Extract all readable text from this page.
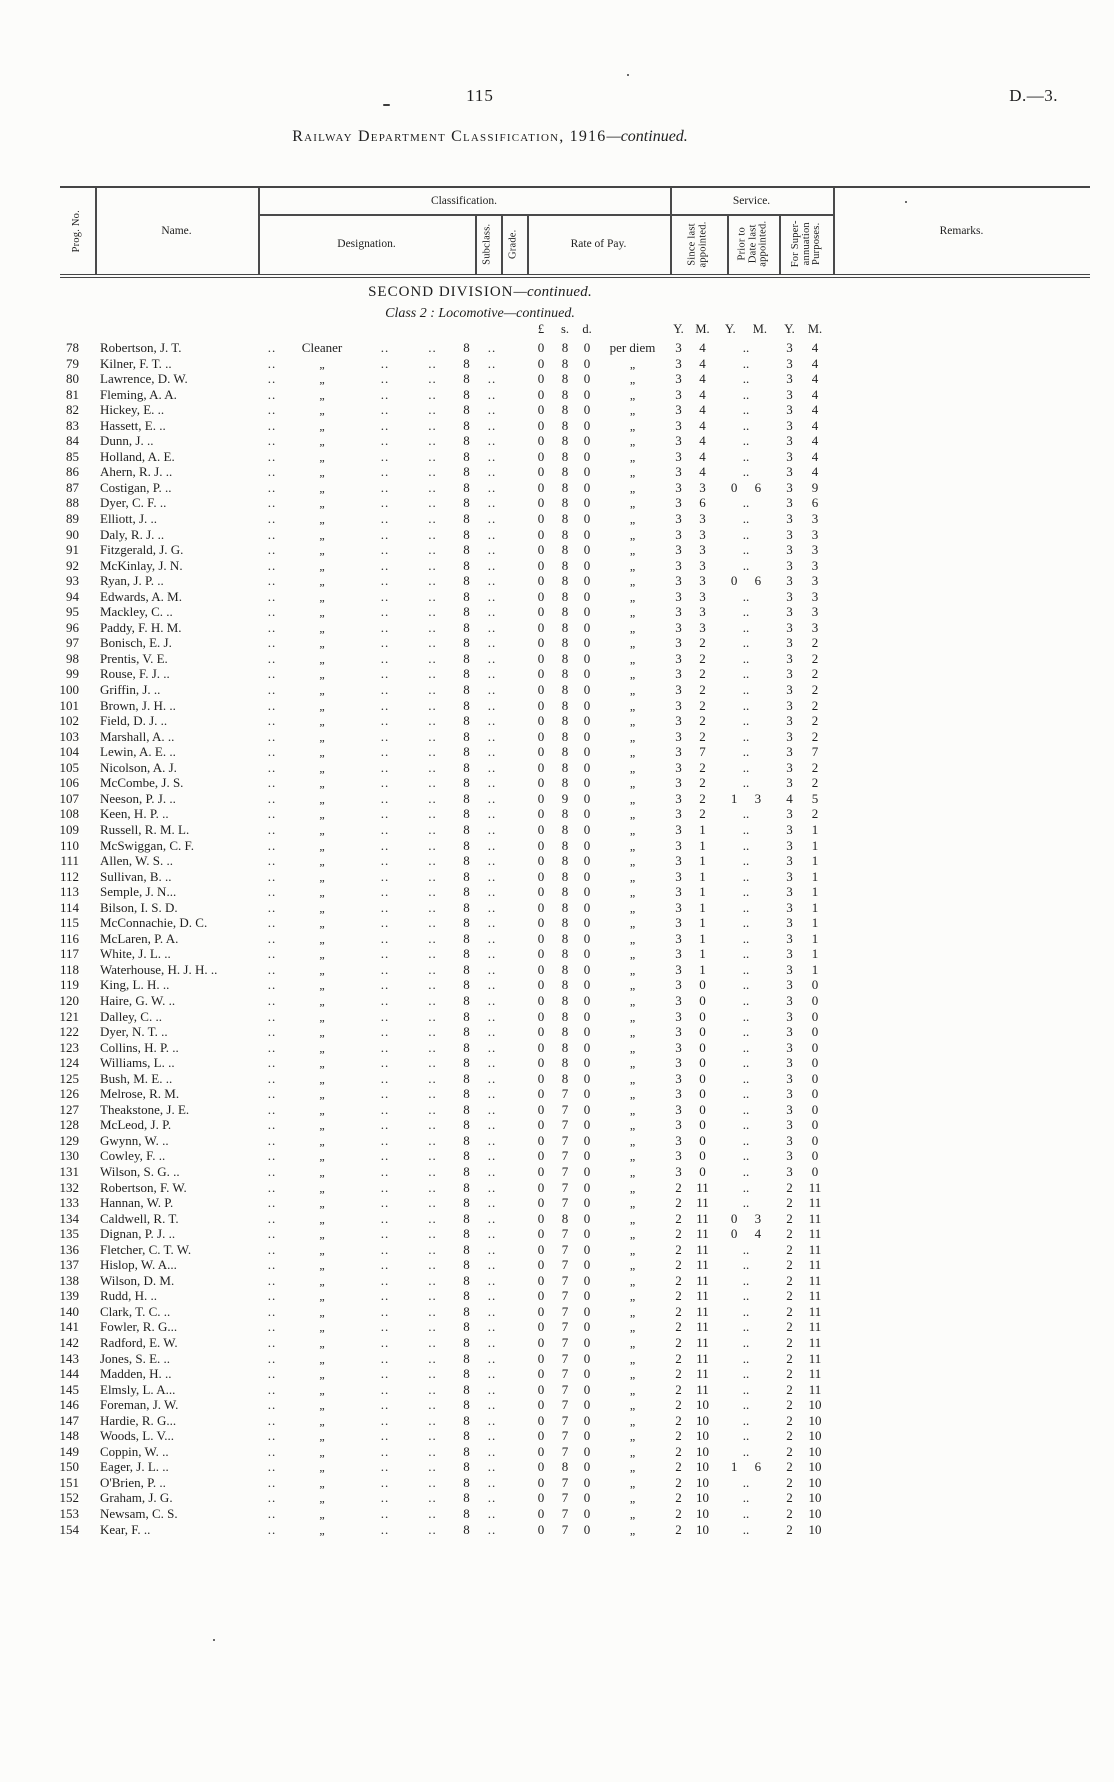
115	D.—3.
Railway Department Classification, 1916—continued.
Prog. No.	Name.
Classification.	Service.
Designation.	Subclass. Grade.	Rate of Pay.	Since last
appointed.	Prior to
Date last
appointed. For Super-
annuation
Purposes.	Remarks.
SECOND DIVISION—continued.
Class 2 : Locomotive—continued.
£	s.	d.	Y. M.	Y. M.	Y.	M.
78	Robertson, J. T.	..	Cleaner	..	..	8	..	0	8	0	per diem	3	4	..	3	4
79	Kilner, F. T. ..	..	„	..	..	8	..	0	8	0	„	3	4	..	3	4
80	Lawrence, D. W.	..	„	..	..	8	..	0	8	0	„	3	4	..	3	4
81	Fleming, A. A.	..	„	..	..	8	..	0	8	0	„	3	4	..	3	4
82	Hickey, E. ..	..	„	..	..	8	..	0	8	0	„	3	4	..	3	4
83	Hassett, E. ..	..	„	..	..	8	..	0	8	0	„	3	4	..	3	4
84	Dunn, J. ..	..	„	..	..	8	..	0	8	0	„	3	4	..	3	4
85	Holland, A. E.	..	„	..	..	8	..	0	8	0	„	3	4	..	3	4
86	Ahern, R. J. ..	..	„	..	..	8	..	0	8	0	„	3	4	..	3	4
87	Costigan, P. ..	..	„	..	..	8	..	0	8	0	„	3	3	0 6	3	9
88	Dyer, C. F. ..	..	„	..	..	8	..	0	8	0	„	3	6	..	3	6
89	Elliott, J. ..	..	„	..	..	8	..	0	8	0	„	3	3	..	3	3
90	Daly, R. J. ..	..	„	..	..	8	..	0	8	0	„	3	3	..	3	3
91	Fitzgerald, J. G.	..	„	..	..	8	..	0	8	0	„	3	3	..	3	3
92	McKinlay, J. N.	..	„	..	..	8	..	0	8	0	„	3	3	..	3	3
93	Ryan, J. P. ..	..	„	..	..	8	..	0	8	0	„	3	3	0 6	3	3
94	Edwards, A. M.	..	„	..	..	8	..	0	8	0	„	3	3	..	3	3
95	Mackley, C. ..	..	„	..	..	8	..	0	8	0	„	3	3	..	3	3
96	Paddy, F. H. M.	..	„	..	..	8	..	0	8	0	„	3	3	..	3	3
97	Bonisch, E. J.	..	„	..	..	8	..	0	8	0	„	3	2	..	3	2
98	Prentis, V. E.	..	„	..	..	8	..	0	8	0	„	3	2	..	3	2
99	Rouse, F. J. ..	..	„	..	..	8	..	0	8	0	„	3	2	..	3	2
100	Griffin, J. ..	..	„	..	..	8	..	0	8	0	„	3	2	..	3	2
101	Brown, J. H. ..	..	„	..	..	8	..	0	8	0	„	3	2	..	3	2
102	Field, D. J. ..	..	„	..	..	8	..	0	8	0	„	3	2	..	3	2
103	Marshall, A. ..	..	„	..	..	8	..	0	8	0	„	3	2	..	3	2
104	Lewin, A. E. ..	..	„	..	..	8	..	0	8	0	„	3	7	..	3	7
105	Nicolson, A. J.	..	„	..	..	8	..	0	8	0	„	3	2	..	3	2
106	McCombe, J. S.	..	„	..	..	8	..	0	8	0	„	3	2	..	3	2
107	Neeson, P. J. ..	..	„	..	..	8	..	0	9	0	„	3	2	1 3	4	5
108	Keen, H. P. ..	..	„	..	..	8	..	0	8	0	„	3	2	..	3	2
109	Russell, R. M. L.	..	„	..	..	8	..	0	8	0	„	3	1	..	3	1
110	McSwiggan, C. F.	..	„	..	..	8	..	0	8	0	„	3	1	..	3	1
111	Allen, W. S. ..	..	„	..	..	8	..	0	8	0	„	3	1	..	3	1
112	Sullivan, B. ..	..	„	..	..	8	..	0	8	0	„	3	1	..	3	1
113	Semple, J. N...	..	„	..	..	8	..	0	8	0	„	3	1	..	3	1
114	Bilson, I. S. D.	..	„	..	..	8	..	0	8	0	„	3	1	..	3	1
115	McConnachie, D. C.	..	„	..	..	8	..	0	8	0	„	3	1	..	3	1
116	McLaren, P. A.	..	„	..	..	8	..	0	8	0	„	3	1	..	3	1
117	White, J. L. ..	..	„	..	..	8	..	0	8	0	„	3	1	..	3	1
118	Waterhouse, H. J. H. ..	..	„	..	..	8	..	0	8	0	„	3	1	..	3	1
119	King, L. H. ..	..	„	..	..	8	..	0	8	0	„	3	0	..	3	0
120	Haire, G. W. ..	..	„	..	..	8	..	0	8	0	„	3	0	..	3	0
121	Dalley, C. ..	..	„	..	..	8	..	0	8	0	„	3	0	..	3	0
122	Dyer, N. T. ..	..	„	..	..	8	..	0	8	0	„	3	0	..	3	0
123	Collins, H. P. ..	..	„	..	..	8	..	0	8	0	„	3	0	..	3	0
124	Williams, L. ..	..	„	..	..	8	..	0	8	0	„	3	0	..	3	0
125	Bush, M. E. ..	..	„	..	..	8	..	0	8	0	„	3	0	..	3	0
126	Melrose, R. M.	..	„	..	..	8	..	0	7	0	„	3	0	..	3	0
127	Theakstone, J. E.	..	„	..	..	8	..	0	7	0	„	3	0	..	3	0
128	McLeod, J. P.	..	„	..	..	8	..	0	7	0	„	3	0	..	3	0
129	Gwynn, W. ..	..	„	..	..	8	..	0	7	0	„	3	0	..	3	0
130	Cowley, F. ..	..	„	..	..	8	..	0	7	0	„	3	0	..	3	0
131	Wilson, S. G. ..	..	„	..	..	8	..	0	7	0	„	3	0	..	3	0
132	Robertson, F. W.	..	„	..	..	8	..	0	7	0	„	2	11	..	2	11
133	Hannan, W. P.	..	„	..	..	8	..	0	7	0	„	2	11	..	2	11
134	Caldwell, R. T.	..	„	..	..	8	..	0	8	0	„	2	11	0 3	2	11
135	Dignan, P. J. ..	..	„	..	..	8	..	0	7	0	„	2	11	0 4	2	11
136	Fletcher, C. T. W.	..	„	..	..	8	..	0	7	0	„	2	11	..	2	11
137	Hislop, W. A...	..	„	..	..	8	..	0	7	0	„	2	11	..	2	11
138	Wilson, D. M.	..	„	..	..	8	..	0	7	0	„	2	11	..	2	11
139	Rudd, H. ..	..	„	..	..	8	..	0	7	0	„	2	11	..	2	11
140	Clark, T. C. ..	..	„	..	..	8	..	0	7	0	„	2	11	..	2	11
141	Fowler, R. G...	..	„	..	..	8	..	0	7	0	„	2	11	..	2	11
142	Radford, E. W.	..	„	..	..	8	..	0	7	0	„	2	11	..	2	11
143	Jones, S. E. ..	..	„	..	..	8	..	0	7	0	„	2	11	..	2	11
144	Madden, H. ..	..	„	..	..	8	..	0	7	0	„	2	11	..	2	11
145	Elmsly, L. A...	..	„	..	..	8	..	0	7	0	„	2	11	..	2	11
146	Foreman, J. W.	..	„	..	..	8	..	0	7	0	„	2	10	..	2	10
147	Hardie, R. G...	..	„	..	..	8	..	0	7	0	„	2	10	..	2	10
148	Woods, L. V...	..	„	..	..	8	..	0	7	0	„	2	10	..	2	10
149	Coppin, W. ..	..	„	..	..	8	..	0	7	0	„	2	10	..	2	10
150	Eager, J. L. ..	..	„	..	..	8	..	0	8	0	„	2	10	1 6	2	10
151	O'Brien, P. ..	..	„	..	..	8	..	0	7	0	„	2	10	..	2	10
152	Graham, J. G.	..	„	..	..	8	..	0	7	0	„	2	10	..	2	10
153	Newsam, C. S.	..	„	..	..	8	..	0	7	0	„	2	10	..	2	10
154	Kear, F. ..	..	„	..	..	8	..	0	7	0	„	2	10	..	2	10
